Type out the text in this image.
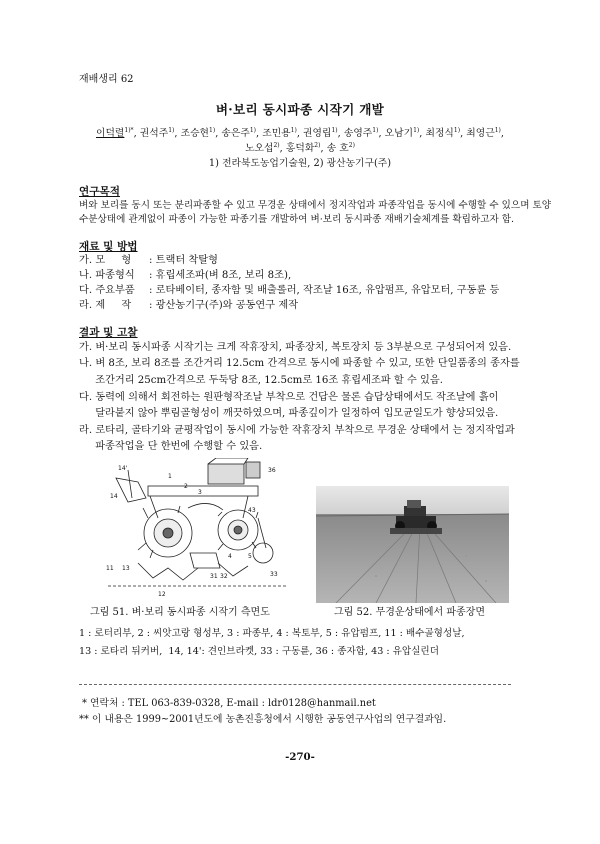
재배생리 62
벼·보리 동시파종 시작기 개발
이덕렬$^{1)*}$, 권석주$^{1)}$, 조승현$^{1)}$, 송은주$^{1)}$, 조민용$^{1)}$, 권영립$^{1)}$, 송영주$^{1)}$, 오남기$^{1)}$, 최정식$^{1)}$, 최영근$^{1)}$,
노오섭$^{2)}$, 홍덕화$^{2)}$, 송 호$^{2)}$
1) 전라북도농업기술원, 2) 광산농기구(주)
연구목적
벼와 보리를 동시 또는 분리파종할 수 있고 무경운 상태에서 정지작업과 파종작업을 동시에 수행할 수 있으며 토양
수분상태에 관계없이 파종이 가능한 파종기를 개발하여 벼·보리 동시파종 재배기술체계를 확립하고자 함.
재료 및 방법
가. 모     형 : 트랙터 착탈형
나. 파종형식 : 휴립세조파(벼 8조, 보리 8조),
다. 주요부품 : 로타베이터, 종자함 및 배출롤러, 작조날 16조, 유압펌프, 유압모터, 구동륜 등
라. 제     작 : 광산농기구(주)와 공동연구 제작
결과 및 고찰
가. 벼·보리 동시파종 시작기는 크게 작휴장치, 파종장치, 복토장치 등 3부분으로 구성되어져 있음.
나. 벼 8조, 보리 8조를 조간거리 12.5cm 간격으로 동시에 파종할 수 있고, 또한 단일품종의 종자를
조간거리 25cm간격으로 두둑당 8조, 12.5cm로 16조 휴립세조파 할 수 있음.
다. 동력에 의해서 회전하는 원판형작조날 부착으로 건답은 물론 습답상태에서도 작조날에 흙이
달라붙지 않아 뿌림골형성이 깨끗하였으며, 파종깊이가 일정하여 입모균일도가 향상되었음.
라. 로타리, 골타기와 균평작업이 동시에 가능한 작휴장치 부착으로 무경운 상태에서 는 정지작업과
파종작업을 단 한번에 수행할 수 있음.
14'
1
14
2
3
11 13
4	5
36
43
33
12
31 32
그림 51. 벼·보리 동시파종 시작기 측면도	그림 52. 무경운상태에서 파종장면
1 : 로터리부, 2 : 씨앗고랑 형성부, 3 : 파종부, 4 : 복토부, 5 : 유압펌프, 11 : 배수골형성날,
13 : 로타리 뒤커버,  14, 14': 견인브라켓, 33 : 구동륜, 36 : 종자함, 43 : 유압실린더
* 연락처 : TEL 063-839-0328, E-mail : ldr0128@hanmail.net
** 이 내용은 1999~2001년도에 농촌진흥청에서 시행한 공동연구사업의 연구결과임.
-270-
